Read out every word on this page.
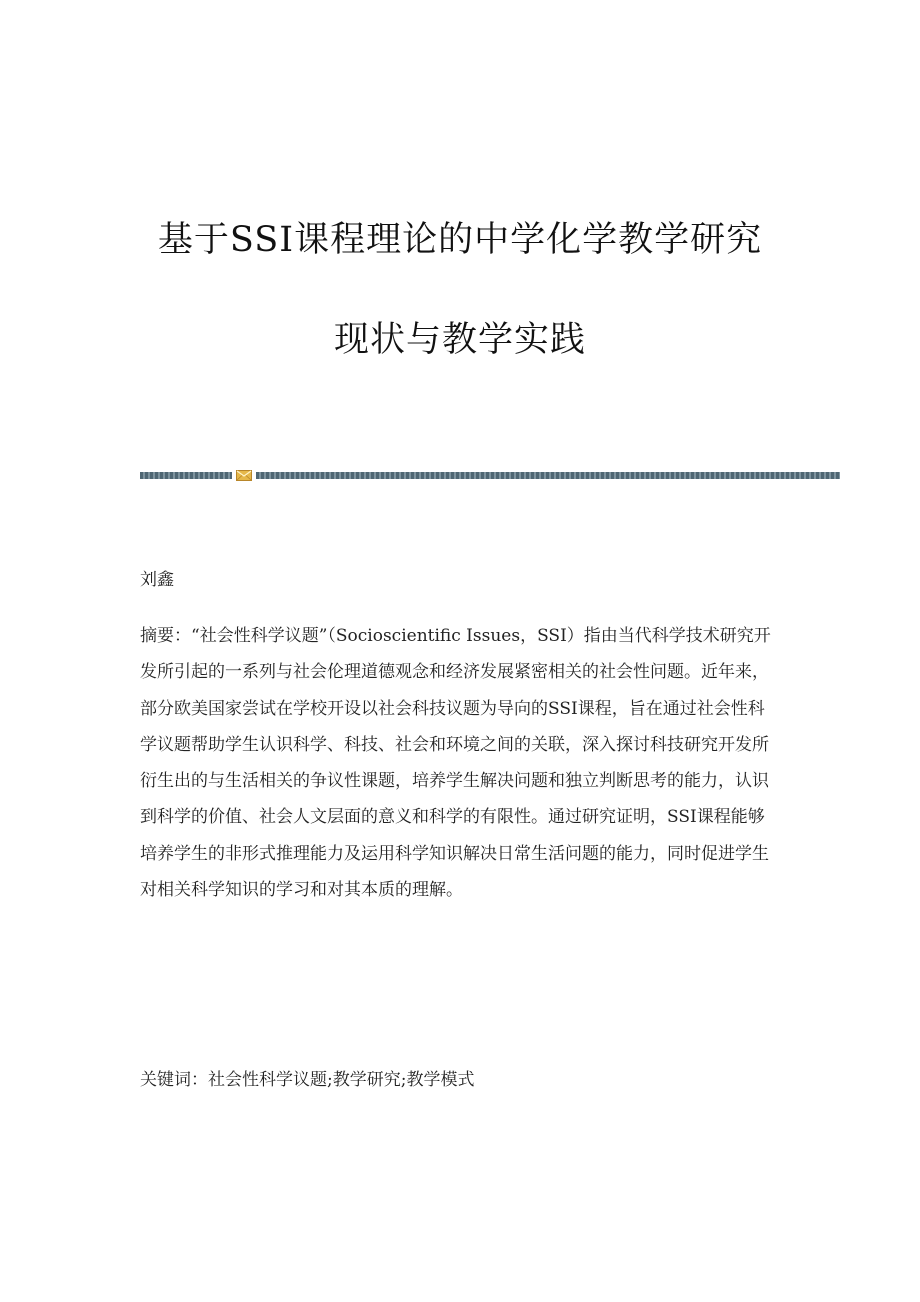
基于SSI课程理论的中学化学教学研究
现状与教学实践

刘鑫

摘要：“社会性科学议题”（Socioscientific Issues，SSI）指由当代科学技术研究开发所引起的一系列与社会伦理道德观念和经济发展紧密相关的社会性问题。近年来，部分欧美国家尝试在学校开设以社会科技议题为导向的SSI课程，旨在通过社会性科学议题帮助学生认识科学、科技、社会和环境之间的关联，深入探讨科技研究开发所衍生出的与生活相关的争议性课题，培养学生解决问题和独立判断思考的能力，认识到科学的价值、社会人文层面的意义和科学的有限性。通过研究证明，SSI课程能够培养学生的非形式推理能力及运用科学知识解决日常生活问题的能力，同时促进学生对相关科学知识的学习和对其本质的理解。

关键词：社会性科学议题;教学研究;教学模式
